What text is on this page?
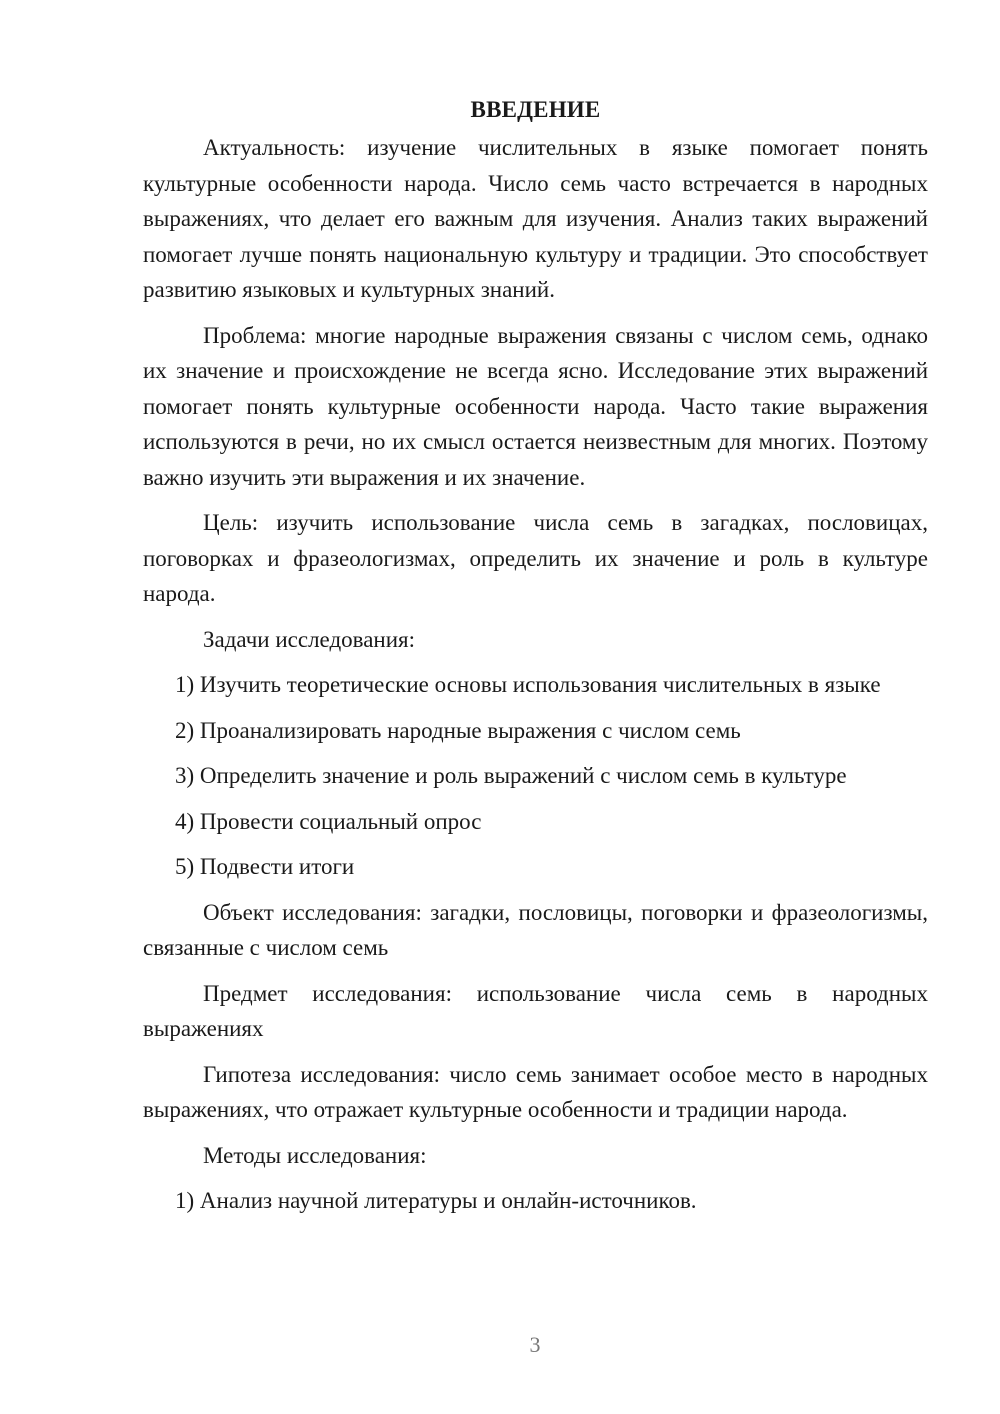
ВВЕДЕНИЕ

Актуальность: изучение числительных в языке помогает понять культурные особенности народа. Число семь часто встречается в народных выражениях, что делает его важным для изучения. Анализ таких выражений помогает лучше понять национальную культуру и традиции. Это способствует развитию языковых и культурных знаний.

Проблема: многие народные выражения связаны с числом семь, однако их значение и происхождение не всегда ясно. Исследование этих выражений помогает понять культурные особенности народа. Часто такие выражения используются в речи, но их смысл остается неизвестным для многих. Поэтому важно изучить эти выражения и их значение.

Цель: изучить использование числа семь в загадках, пословицах, поговорках и фразеологизмах, определить их значение и роль в культуре народа.

Задачи исследования:

1) Изучить теоретические основы использования числительных в языке

2) Проанализировать народные выражения с числом семь

3) Определить значение и роль выражений с числом семь в культуре

4) Провести социальный опрос

5) Подвести итоги

Объект исследования: загадки, пословицы, поговорки и фразеологизмы, связанные с числом семь

Предмет исследования: использование числа семь в народных выражениях

Гипотеза исследования: число семь занимает особое место в народных выражениях, что отражает культурные особенности и традиции народа.

Методы исследования:

1) Анализ научной литературы и онлайн-источников.

3
